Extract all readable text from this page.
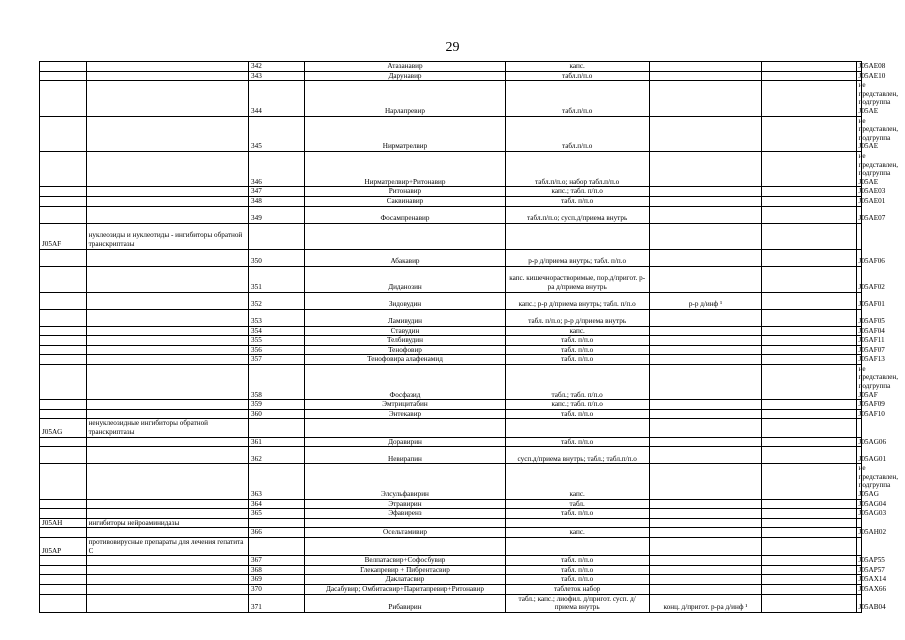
29
		342	Атазанавир	капс.			J05AE08
		343	Дарунавир	табл.п/п.о			J05AE10
		344	Нарлапревир	табл.п/п.о			не представлен, подгруппа J05AE
		345	Нирматрелвир	табл.п/п.о			не представлен, подгруппа J05AE
		346	Нирматрелвир+Ритонавир	табл.п/п.о; набор табл.п/п.о			не представлен, подгруппа J05AE
		347	Ритонавир	капс.; табл. п/п.о			J05AE03
		348	Саквинавир	табл. п/п.о			J05AE01
		349	Фосампренавир	табл.п/п.о; сусп.д/приема внутрь			J05AE07
J05AF	нуклеозиды и нуклеотиды - ингибиторы обратной транскриптазы						
		350	Абакавир	р-р д/приема внутрь; табл. п/п.о			J05AF06
		351	Диданозин	капс. кишечнорастворимые, пор.д/пригот. р-ра д/приема внутрь			J05AF02
		352	Зидовудин	капс.; р-р д/приема внутрь; табл. п/п.о	р-р д/инф ¹		J05AF01
		353	Ламивудин	табл. п/п.о; р-р д/приема внутрь			J05AF05
		354	Ставудин	капс.			J05AF04
		355	Телбивудин	табл. п/п.о			J05AF11
		356	Тенофовир	табл. п/п.о			J05AF07
		357	Тенофовира алафенамид	табл. п/п.о			J05AF13
		358	Фосфазид	табл.; табл. п/п.о			не представлен, подгруппа J05AF
		359	Эмтрицитабин	капс.; табл. п/п.о			J05AF09
		360	Энтекавир	табл. п/п.о			J05AF10
J05AG	ненуклеозидные ингибиторы обратной транскриптазы						
		361	Доравирин	табл. п/п.о			J05AG06
		362	Невирапин	сусп.д/приема внутрь; табл.; табл.п/п.о			J05AG01
		363	Элсульфавирин	капс.			не представлен, подгруппа J05AG
		364	Этравирин	табл.			J05AG04
		365	Эфавиренз	табл. п/п.о			J05AG03
J05AH	ингибиторы нейроаминидазы						
		366	Осельтамивир	капс.			J05AH02
J05AP	противовирусные препараты для лечения гепатита C						
		367	Велпатасвир+Софосбувир	табл. п/п.о			J05AP55
		368	Глекапревир + Пибрентасвир	табл. п/п.о			J05AP57
		369	Даклатасвир	табл. п/п.о			J05AX14
		370	Дасабувир; Омбитасвир+Паритапревир+Ритонавир	таблеток набор			J05AX66
		371	Рибавирин	табл.; капс.; лиофил. д/пригот. сусп. д/приема внутрь	конц. д/пригот. р-ра д/инф ¹		J05AB04
